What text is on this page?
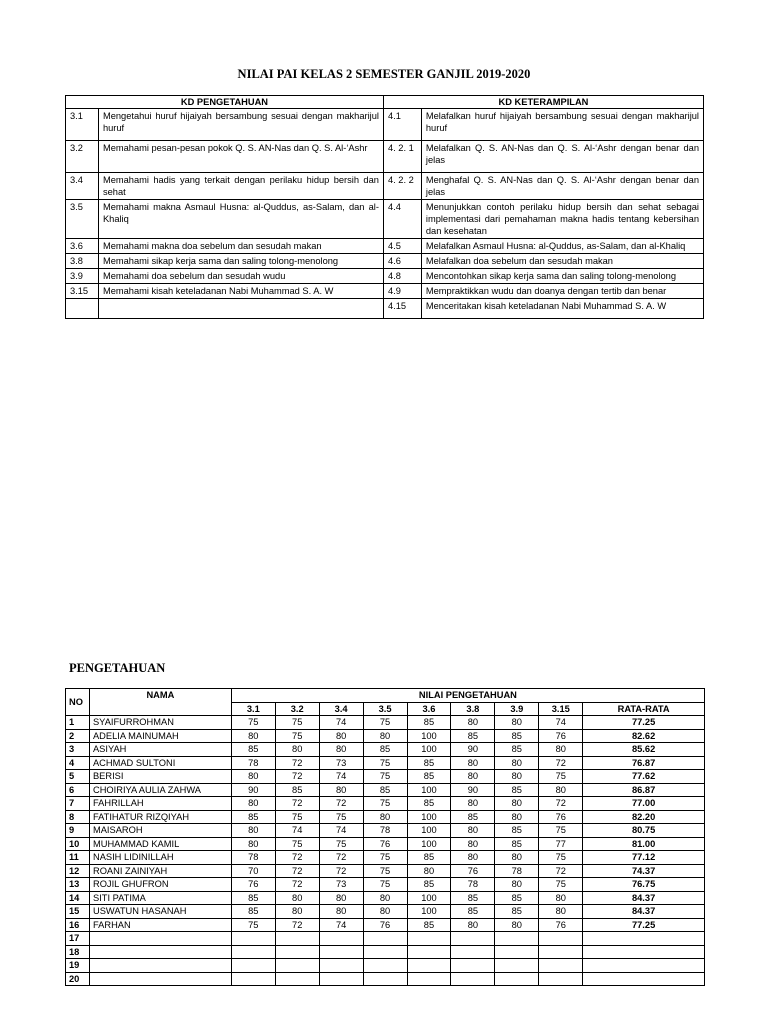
NILAI PAI KELAS 2 SEMESTER GANJIL 2019-2020
KD PENGETAHUAN		KD KETERAMPILAN	
3.1	Mengetahui huruf hijaiyah bersambung sesuai dengan makharijul huruf	4.1	Melafalkan huruf hijaiyah bersambung sesuai dengan makharijul huruf
3.2	Memahami pesan-pesan pokok Q. S. AN-Nas dan Q. S. Al-‘Ashr	4. 2. 1	Melafalkan Q. S. AN-Nas dan Q. S. Al-‘Ashr dengan benar dan jelas
3.4	Memahami hadis yang terkait dengan perilaku hidup bersih dan sehat	4. 2. 2	Menghafal Q. S. AN-Nas dan Q. S. Al-‘Ashr dengan benar dan jelas
3.5	Memahami makna Asmaul Husna: al-Quddus, as-Salam, dan al-Khaliq	4.4	Menunjukkan contoh perilaku hidup bersih dan sehat sebagai implementasi dari pemahaman makna hadis tentang kebersihan dan kesehatan
3.6	Memahami makna doa sebelum dan sesudah makan	4.5	Melafalkan Asmaul Husna: al-Quddus, as-Salam, dan al-Khaliq
3.8	Memahami sikap kerja sama dan saling tolong-menolong	4.6	Melafalkan doa sebelum dan sesudah makan
3.9	Memahami doa sebelum dan sesudah wudu	4.8	Mencontohkan sikap kerja sama dan saling tolong-menolong
3.15	Memahami kisah keteladanan Nabi Muhammad S. A. W	4.9	Mempraktikkan wudu dan doanya dengan tertib dan benar
		4.15	Menceritakan kisah keteladanan Nabi Muhammad S. A. W
PENGETAHUAN
NO	NAMA	NILAI PENGETAHUAN								
		3.1	3.2	3.4	3.5	3.6	3.8	3.9	3.15	RATA-RATA
1	SYAIFURROHMAN	75	75	74	75	85	80	80	74	77.25
2	ADELIA MAINUMAH	80	75	80	80	100	85	85	76	82.62
3	ASIYAH	85	80	80	85	100	90	85	80	85.62
4	ACHMAD SULTONI	78	72	73	75	85	80	80	72	76.87
5	BERISI	80	72	74	75	85	80	80	75	77.62
6	CHOIRIYA AULIA ZAHWA	90	85	80	85	100	90	85	80	86.87
7	FAHRILLAH	80	72	72	75	85	80	80	72	77.00
8	FATIHATUR RIZQIYAH	85	75	75	80	100	85	80	76	82.20
9	MAISAROH	80	74	74	78	100	80	85	75	80.75
10	MUHAMMAD KAMIL	80	75	75	76	100	80	85	77	81.00
11	NASIH LIDINILLAH	78	72	72	75	85	80	80	75	77.12
12	ROANI ZAINIYAH	70	72	72	75	80	76	78	72	74.37
13	ROJIL GHUFRON	76	72	73	75	85	78	80	75	76.75
14	SITI PATIMA	85	80	80	80	100	85	85	80	84.37
15	USWATUN HASANAH	85	80	80	80	100	85	85	80	84.37
16	FARHAN	75	72	74	76	85	80	80	76	77.25
17										
18										
19										
20										
